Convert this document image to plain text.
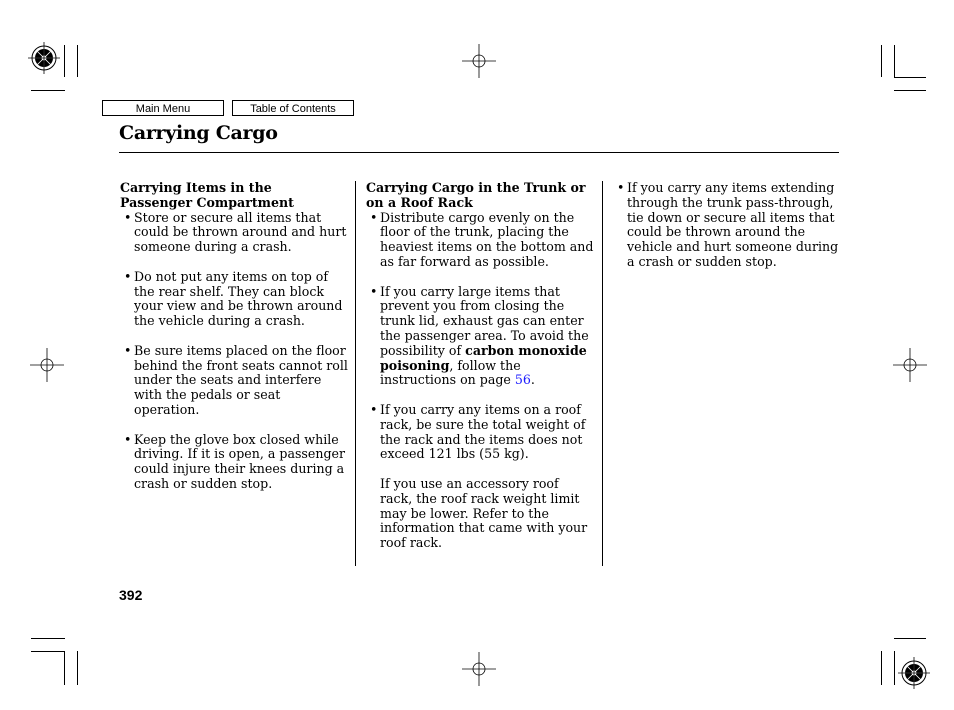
Main Menu	Table of Contents
Carrying Cargo
Carrying Items in the Passenger Compartment
• Store or secure all items that could be thrown around and hurt someone during a crash.
• Do not put any items on top of the rear shelf. They can block your view and be thrown around the vehicle during a crash.
• Be sure items placed on the floor behind the front seats cannot roll under the seats and interfere with the pedals or seat operation.
• Keep the glove box closed while driving. If it is open, a passenger could injure their knees during a crash or sudden stop.
Carrying Cargo in the Trunk or on a Roof Rack
• Distribute cargo evenly on the floor of the trunk, placing the heaviest items on the bottom and as far forward as possible.
• If you carry large items that prevent you from closing the trunk lid, exhaust gas can enter the passenger area. To avoid the possibility of carbon monoxide poisoning, follow the instructions on page 56.
• If you carry any items on a roof rack, be sure the total weight of the rack and the items does not exceed 121 lbs (55 kg).

If you use an accessory roof rack, the roof rack weight limit may be lower. Refer to the information that came with your roof rack.

• If you carry any items extending through the trunk pass-through, tie down or secure all items that could be thrown around the vehicle and hurt someone during a crash or sudden stop.
392
